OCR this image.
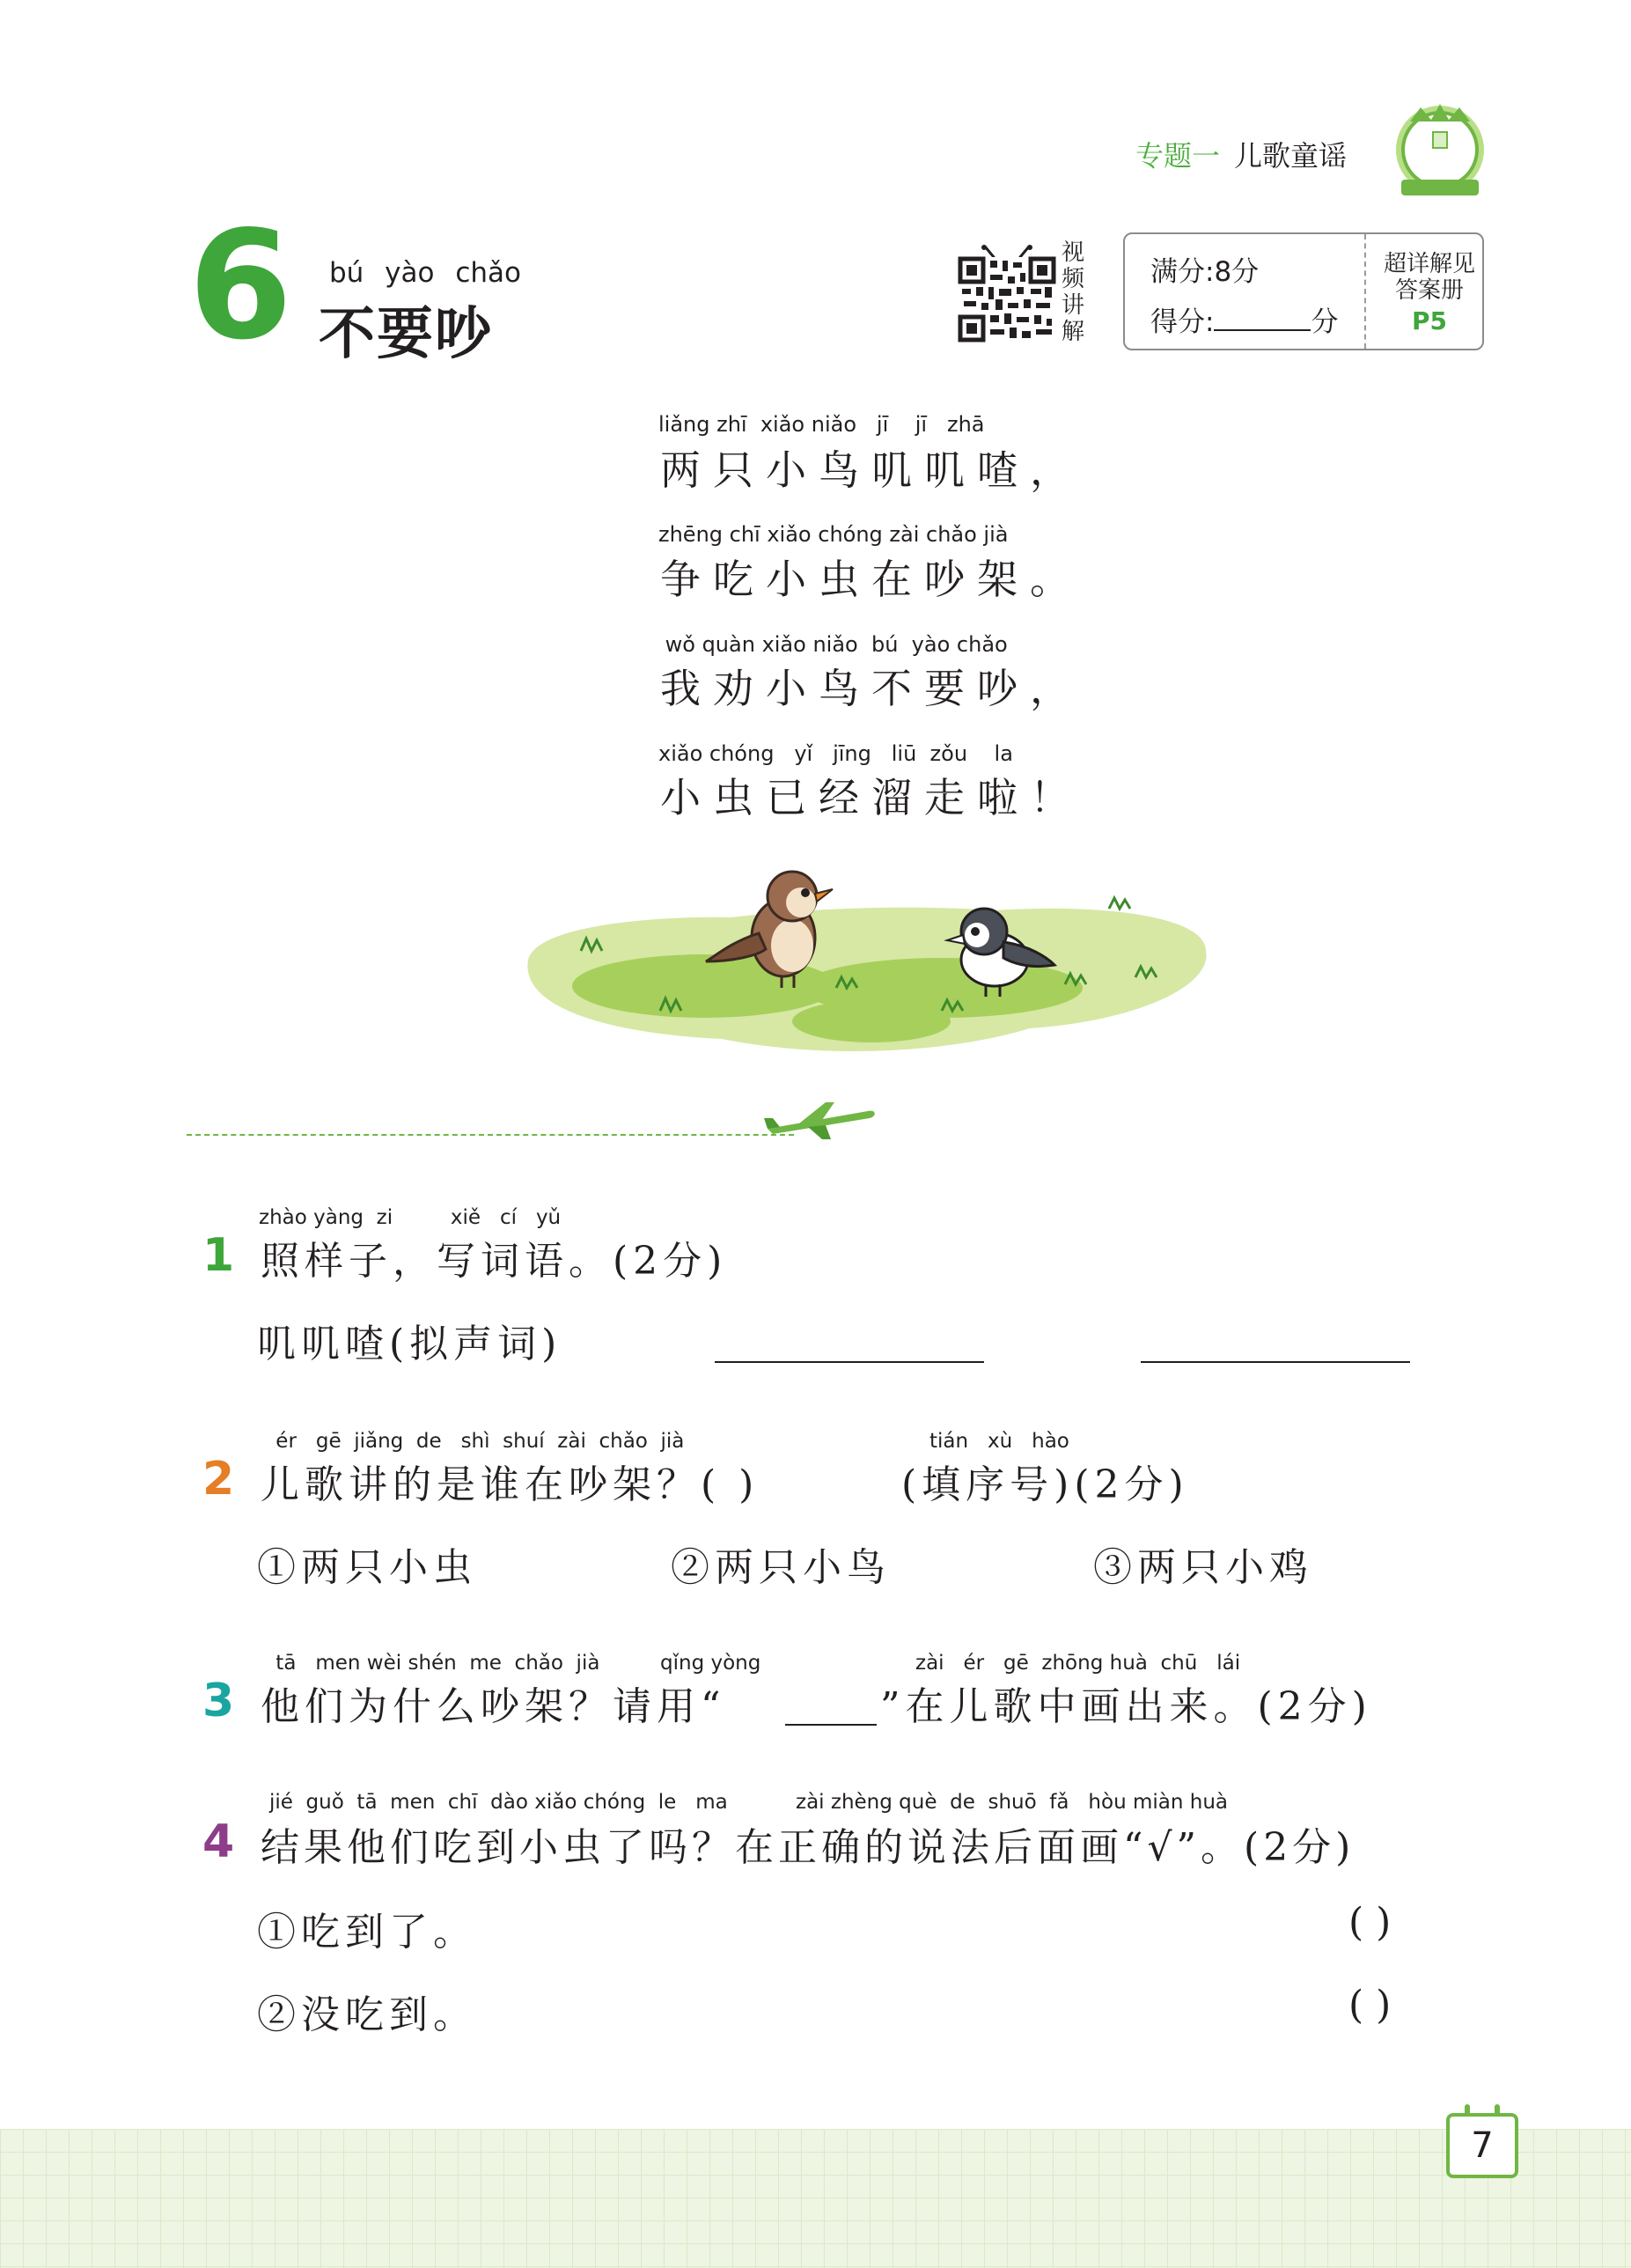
专题一 儿歌童谣
6 bú yào chǎo
不要吵
视频讲解
满分:8分
得分:	分
超详解见答案册
P5
liǎng zhī  xiǎo niǎo   jī    jī   zhā
两只小鸟叽叽喳，
zhēng chī xiǎo chóng zài chǎo jià
争吃小虫在吵架。
wǒ quàn xiǎo niǎo  bú  yào chǎo
我劝小鸟不要吵，
xiǎo chóng   yǐ   jīng   liū  zǒu    la
小虫已经溜走啦！
1
zhào yàng  zi         xiě   cí   yǔ
照样子，写词语。(2分)
叽叽喳(拟声词)
2
ér   gē  jiǎng  de   shì  shuí  zài  chǎo  jià	tián   xù   hào
儿歌讲的是谁在吵架？( )	(填序号)(2分)
①两只小虫	②两只小鸟	③两只小鸡
3
tā   men wèi shén  me  chǎo  jià	qǐng yòng	zài   ér   gē  zhōng huà  chū   lái
他们为什么吵架？请用“	”在儿歌中画出来。(2分)
4
jié  guǒ  tā  men  chī  dào xiǎo chóng  le   ma	zài zhèng què  de  shuō  fǎ   hòu miàn huà
结果他们吃到小虫了吗？在正确的说法后面画“√”。(2分)
①吃到了。	( )
②没吃到。	( )
7
